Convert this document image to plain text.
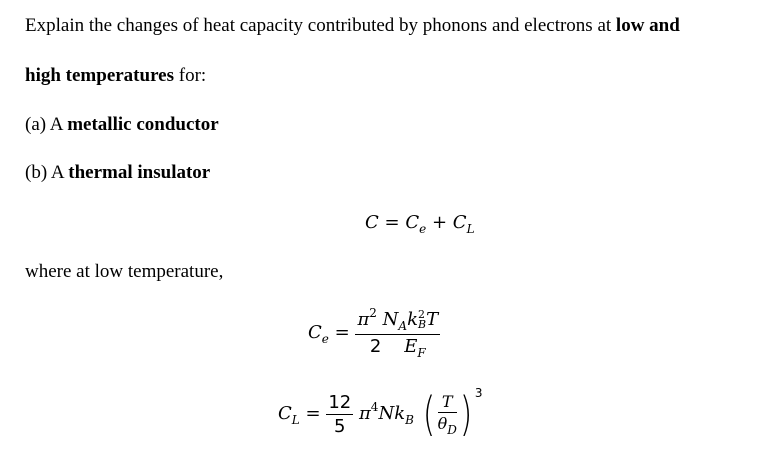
Explain the changes of heat capacity contributed by phonons and electrons at low and
high temperatures for:
(a) A metallic conductor
(b) A thermal insulator
$C = C_e + C_L$
where at low temperature,
$C_e = \pi^2$ $N_Ak$ 2
B T
2 $E_F$
$C_L = \frac{12}{5} \pi^4Nk_B$ ( $\frac{T}{\theta_D}$ ) $^3$
